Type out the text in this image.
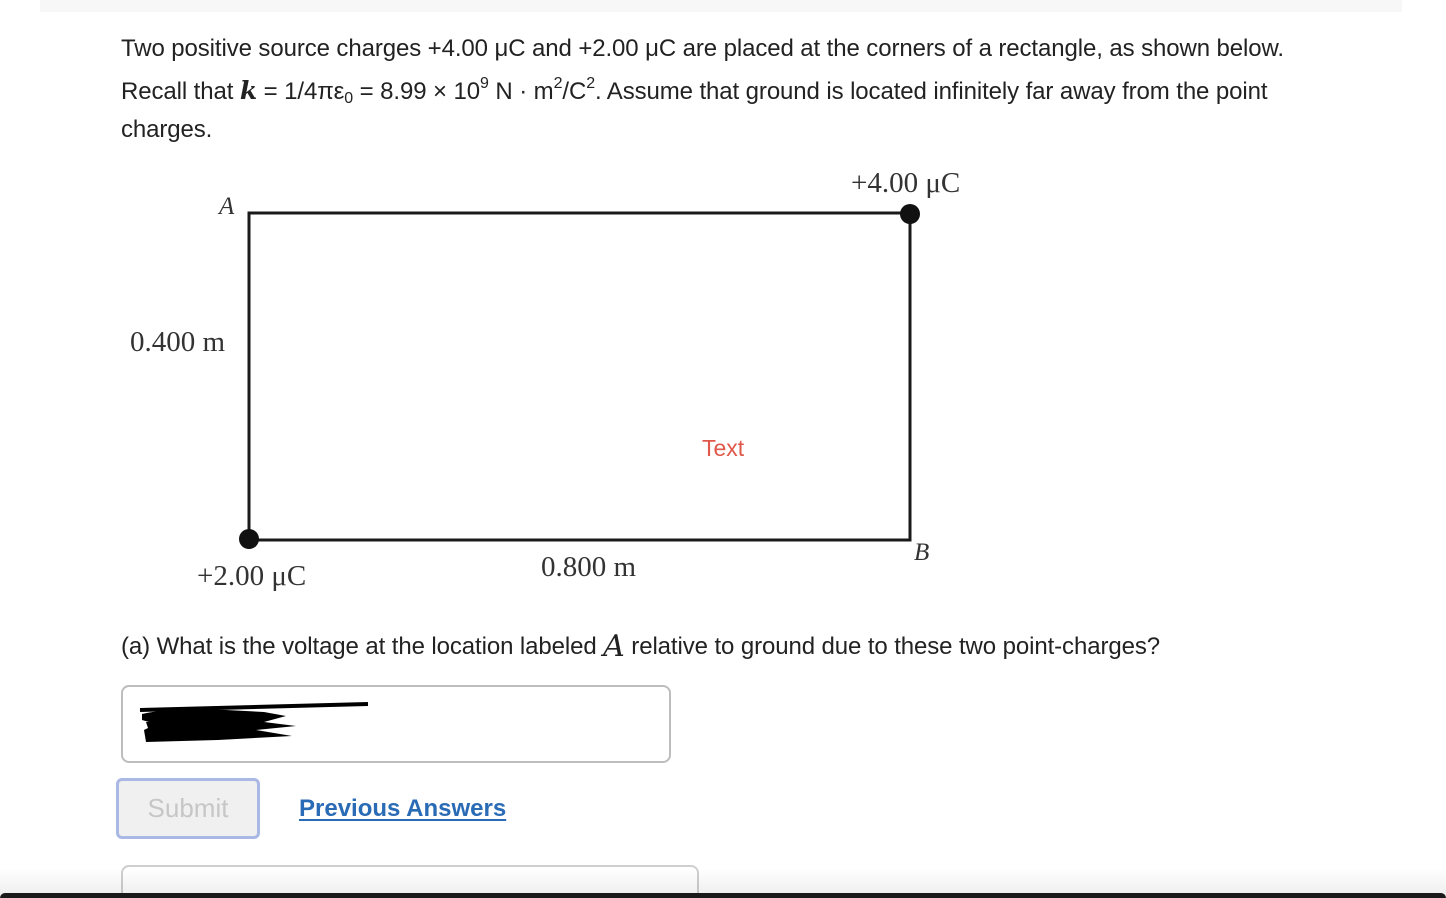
Two positive source charges +4.00 μC and +2.00 μC are placed at the corners of a rectangle, as shown below.
Recall that $k = 1/4\pi\varepsilon_0 = 8.99 \times 10^9$ $N \cdot m^2/C^2$. Assume that ground is located infinitely far away from the point
charges.
A
B
+4.00 μC
+2.00 μC
0.400 m
0.800 m
Text
(a) What is the voltage at the location labeled A relative to ground due to these two point-charges?
Submit	Previous Answers
